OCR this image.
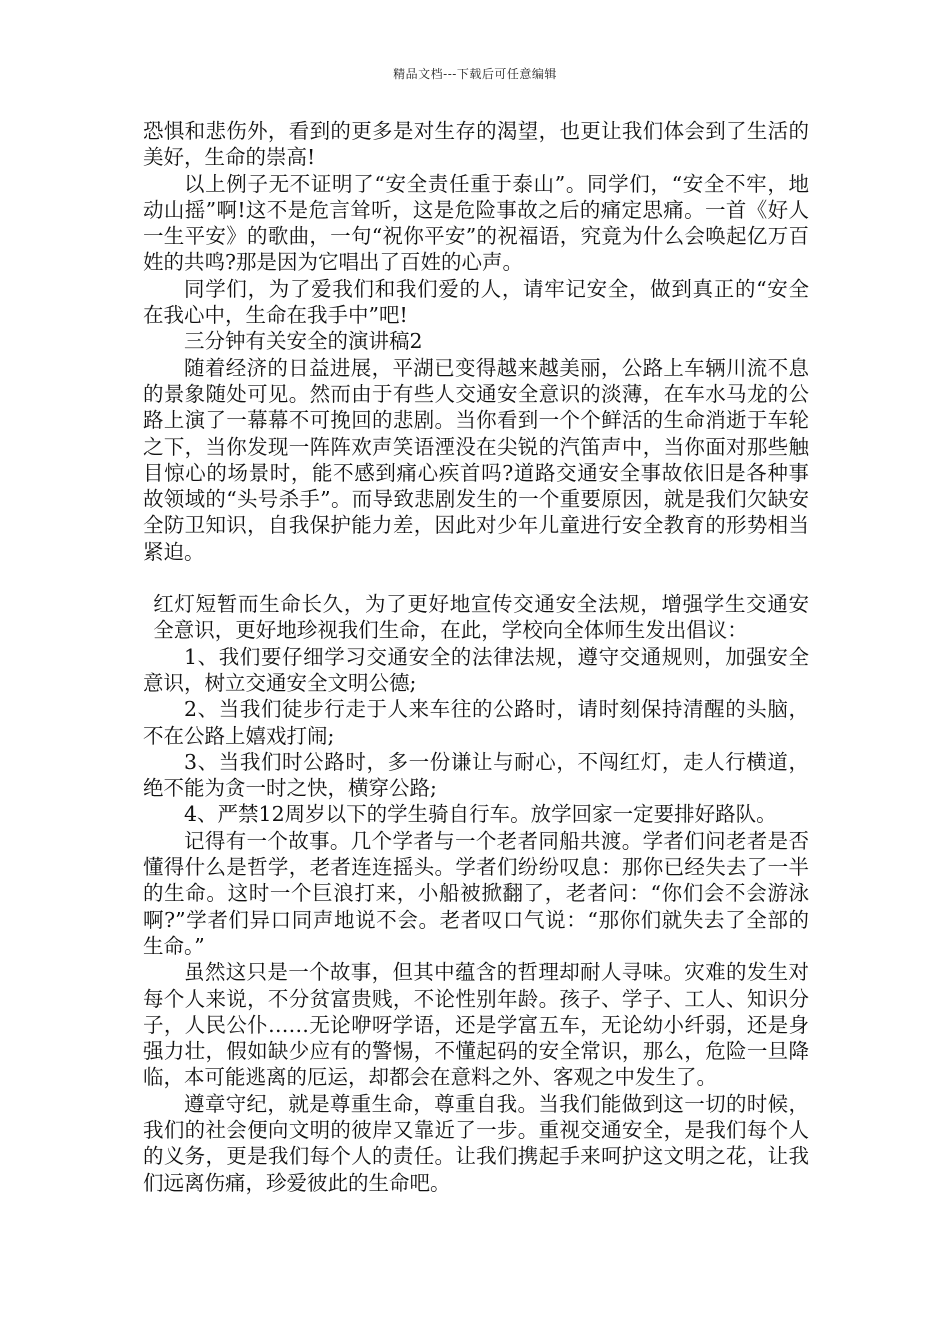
精品文档---下载后可任意编辑

恐惧和悲伤外，看到的更多是对生存的渴望，也更让我们体会到了生活的美好，生命的崇高!

以上例子无不证明了“安全责任重于泰山”。同学们，“安全不牢，地动山摇”啊!这不是危言耸听，这是危险事故之后的痛定思痛。一首《好人一生平安》的歌曲，一句“祝你平安”的祝福语，究竟为什么会唤起亿万百姓的共鸣?那是因为它唱出了百姓的心声。

同学们，为了爱我们和我们爱的人，请牢记安全，做到真正的“安全在我心中，生命在我手中”吧!

三分钟有关安全的演讲稿2

随着经济的日益进展，平湖已变得越来越美丽，公路上车辆川流不息的景象随处可见。然而由于有些人交通安全意识的淡薄，在车水马龙的公路上演了一幕幕不可挽回的悲剧。当你看到一个个鲜活的生命消逝于车轮之下，当你发现一阵阵欢声笑语湮没在尖锐的汽笛声中，当你面对那些触目惊心的场景时，能不感到痛心疾首吗?道路交通安全事故依旧是各种事故领域的“头号杀手”。而导致悲剧发生的一个重要原因，就是我们欠缺安全防卫知识，自我保护能力差，因此对少年儿童进行安全教育的形势相当紧迫。

红灯短暂而生命长久，为了更好地宣传交通安全法规，增强学生交通安全意识，更好地珍视我们生命，在此，学校向全体师生发出倡议：

1、我们要仔细学习交通安全的法律法规，遵守交通规则，加强安全意识，树立交通安全文明公德;

2、当我们徒步行走于人来车往的公路时，请时刻保持清醒的头脑，不在公路上嬉戏打闹;

3、当我们时公路时，多一份谦让与耐心，不闯红灯，走人行横道，绝不能为贪一时之快，横穿公路;

4、严禁12周岁以下的学生骑自行车。放学回家一定要排好路队。

记得有一个故事。几个学者与一个老者同船共渡。学者们问老者是否懂得什么是哲学，老者连连摇头。学者们纷纷叹息：那你已经失去了一半的生命。这时一个巨浪打来，小船被掀翻了，老者问：“你们会不会游泳啊?”学者们异口同声地说不会。老者叹口气说：“那你们就失去了全部的生命。”

虽然这只是一个故事，但其中蕴含的哲理却耐人寻味。灾难的发生对每个人来说，不分贫富贵贱，不论性别年龄。孩子、学子、工人、知识分子，人民公仆……无论咿呀学语，还是学富五车，无论幼小纤弱，还是身强力壮，假如缺少应有的警惕，不懂起码的安全常识，那么，危险一旦降临，本可能逃离的厄运，却都会在意料之外、客观之中发生了。

遵章守纪，就是尊重生命，尊重自我。当我们能做到这一切的时候，我们的社会便向文明的彼岸又靠近了一步。重视交通安全，是我们每个人的义务，更是我们每个人的责任。让我们携起手来呵护这文明之花，让我们远离伤痛，珍爱彼此的生命吧。
